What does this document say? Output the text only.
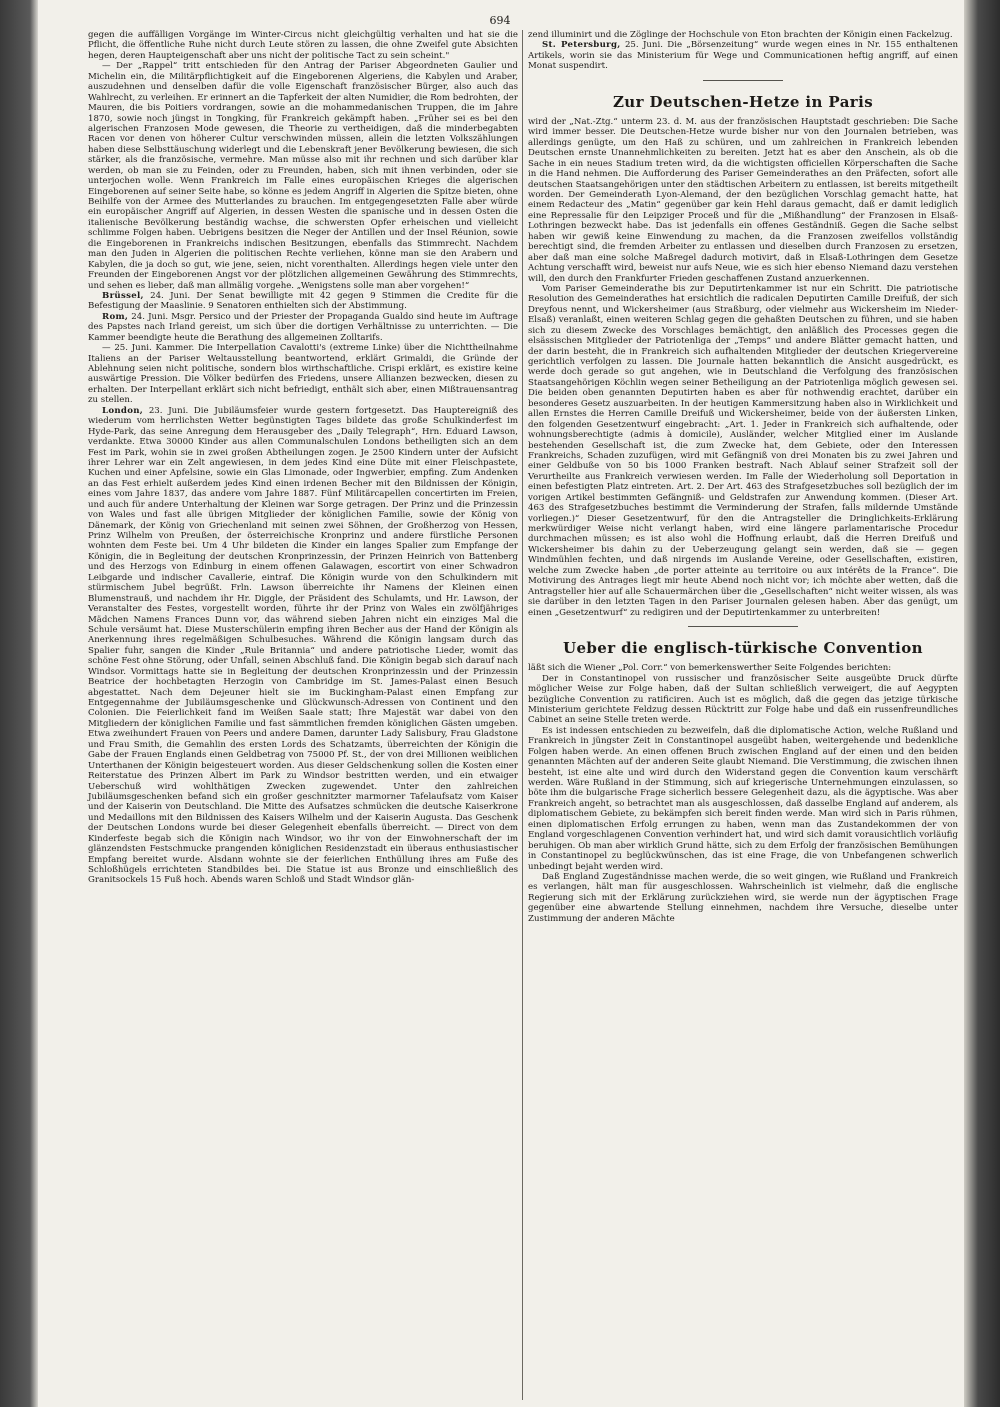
694

gegen die auffälligen Vorgänge im Winter-Circus nicht gleichgültig verhalten und hat sie die Pflicht, die öffentliche Ruhe nicht durch Leute stören zu lassen, die ohne Zweifel gute Absichten hegen, deren Haupteigenschaft aber uns nicht der politische Tact zu sein scheint."

— Der „Rappel“ tritt entschieden für den Antrag der Pariser Abgeordneten Gaulier und Michelin ein, die Militärpflichtigkeit auf die Eingeborenen Algeriens, die Kabylen und Araber, auszudehnen und denselben dafür die volle Eigenschaft französischer Bürger, also auch das Wahlrecht, zu verleihen. Er erinnert an die Tapferkeit der alten Numidier, die Rom bedrohten, der Mauren, die bis Poitiers vordrangen, sowie an die mohammedanischen Truppen, die im Jahre 1870, sowie noch jüngst in Tongking, für Frankreich gekämpft haben. „Früher sei es bei den algerischen Franzosen Mode gewesen, die Theorie zu vertheidigen, daß die minderbegabten Racen vor denen von höherer Cultur verschwinden müssen, allein die letzten Volkszählungen haben diese Selbsttäuschung widerlegt und die Lebenskraft jener Bevölkerung bewiesen, die sich stärker, als die französische, vermehre. Man müsse also mit ihr rechnen und sich darüber klar werden, ob man sie zu Feinden, oder zu Freunden, haben, sich mit ihnen verbinden, oder sie unterjochen wolle. Wenn Frankreich im Falle eines europäischen Krieges die algerischen Eingeborenen auf seiner Seite habe, so könne es jedem Angriff in Algerien die Spitze bieten, ohne Beihilfe von der Armee des Mutterlandes zu brauchen. Im entgegengesetzten Falle aber würde ein europäischer Angriff auf Algerien, in dessen Westen die spanische und in dessen Osten die italienische Bevölkerung beständig wachse, die schwersten Opfer erheischen und vielleicht schlimme Folgen haben. Uebrigens besitzen die Neger der Antillen und der Insel Réunion, sowie die Eingeborenen in Frankreichs indischen Besitzungen, ebenfalls das Stimmrecht. Nachdem man den Juden in Algerien die politischen Rechte verliehen, könne man sie den Arabern und Kabylen, die ja doch so gut, wie jene, seien, nicht vorenthalten. Allerdings hegen viele unter den Freunden der Eingeborenen Angst vor der plötzlichen allgemeinen Gewährung des Stimmrechts, und sehen es lieber, daß man allmälig vorgehe. „Wenigstens solle man aber vorgehen!“

Brüssel, 24. Juni. Der Senat bewilligte mit 42 gegen 9 Stimmen die Credite für die Befestigung der Maaslinie. 9 Senatoren enthielten sich der Abstimmung.

Rom, 24. Juni. Msgr. Persico und der Priester der Propaganda Gualdo sind heute im Auftrage des Papstes nach Irland gereist, um sich über die dortigen Verhältnisse zu unterrichten. — Die Kammer beendigte heute die Berathung des allgemeinen Zolltarifs.

— 25. Juni. Kammer. Die Interpellation Cavalotti's (extreme Linke) über die Nichttheilnahme Italiens an der Pariser Weltausstellung beantwortend, erklärt Grimaldi, die Gründe der Ablehnung seien nicht politische, sondern blos wirthschaftliche. Crispi erklärt, es existire keine auswärtige Pression. Die Völker bedürfen des Friedens, unsere Allianzen bezwecken, diesen zu erhalten. Der Interpellant erklärt sich nicht befriedigt, enthält sich aber, einen Mißtrauensantrag zu stellen.

London, 23. Juni. Die Jubiläumsfeier wurde gestern fortgesetzt. Das Hauptereigniß des wiederum vom herrlichsten Wetter begünstigten Tages bildete das große Schulkinderfest im Hyde-Park, das seine Anregung dem Herausgeber des „Daily Telegraph“, Hrn. Eduard Lawson, verdankte. Etwa 30000 Kinder aus allen Communalschulen Londons betheiligten sich an dem Fest im Park, wohin sie in zwei großen Abtheilungen zogen. Je 2500 Kindern unter der Aufsicht ihrer Lehrer war ein Zelt angewiesen, in dem jedes Kind eine Düte mit einer Fleischpastete, Kuchen und einer Apfelsine, sowie ein Glas Limonade, oder Ingwerbier, empfing. Zum Andenken an das Fest erhielt außerdem jedes Kind einen irdenen Becher mit den Bildnissen der Königin, eines vom Jahre 1837, das andere vom Jahre 1887. Fünf Militärcapellen concertirten im Freien, und auch für andere Unterhaltung der Kleinen war Sorge getragen. Der Prinz und die Prinzessin von Wales und fast alle übrigen Mitglieder der königlichen Familie, sowie der König von Dänemark, der König von Griechenland mit seinen zwei Söhnen, der Großherzog von Hessen, Prinz Wilhelm von Preußen, der österreichische Kronprinz und andere fürstliche Personen wohnten dem Feste bei. Um 4 Uhr bildeten die Kinder ein langes Spalier zum Empfange der Königin, die in Begleitung der deutschen Kronprinzessin, der Prinzen Heinrich von Battenberg und des Herzogs von Edinburg in einem offenen Galawagen, escortirt von einer Schwadron Leibgarde und indischer Cavallerie, eintraf. Die Königin wurde von den Schulkindern mit stürmischem Jubel begrüßt. Frln. Lawson überreichte ihr Namens der Kleinen einen Blumenstrauß, und nachdem ihr Hr. Diggle, der Präsident des Schulamts, und Hr. Lawson, der Veranstalter des Festes, vorgestellt worden, führte ihr der Prinz von Wales ein zwölfjähriges Mädchen Namens Frances Dunn vor, das während sieben Jahren nicht ein einziges Mal die Schule versäumt hat. Diese Musterschülerin empfing ihren Becher aus der Hand der Königin als Anerkennung ihres regelmäßigen Schulbesuches. Während die Königin langsam durch das Spalier fuhr, sangen die Kinder „Rule Britannia“ und andere patriotische Lieder, womit das schöne Fest ohne Störung, oder Unfall, seinen Abschluß fand. Die Königin begab sich darauf nach Windsor. Vormittags hatte sie in Begleitung der deutschen Kronprinzessin und der Prinzessin Beatrice der hochbetagten Herzogin von Cambridge im St. James-Palast einen Besuch abgestattet. Nach dem Dejeuner hielt sie im Buckingham-Palast einen Empfang zur Entgegennahme der Jubiläumsgeschenke und Glückwunsch-Adressen von Continent und den Colonien. Die Feierlichkeit fand im Weißen Saale statt; Ihre Majestät war dabei von den Mitgliedern der königlichen Familie und fast sämmtlichen fremden königlichen Gästen umgeben. Etwa zweihundert Frauen von Peers und andere Damen, darunter Lady Salisbury, Frau Gladstone und Frau Smith, die Gemahlin des ersten Lords des Schatzamts, überreichten der Königin die Gabe der Frauen Englands einen Geldbetrag von 75000 Pf. St., der von drei Millionen weiblichen Unterthanen der Königin beigesteuert worden. Aus dieser Geldschenkung sollen die Kosten einer Reiterstatue des Prinzen Albert im Park zu Windsor bestritten werden, und ein etwaiger Ueberschuß wird wohlthätigen Zwecken zugewendet. Unter den zahlreichen Jubiläumsgeschenken befand sich ein großer geschnitzter marmorner Tafelaufsatz vom Kaiser und der Kaiserin von Deutschland. Die Mitte des Aufsatzes schmücken die deutsche Kaiserkrone und Medaillons mit den Bildnissen des Kaisers Wilhelm und der Kaiserin Augusta. Das Geschenk der Deutschen Londons wurde bei dieser Gelegenheit ebenfalls überreicht. — Direct von dem Kinderfeste begab sich die Königin nach Windsor, wo ihr von der Einwohnerschaft der im glänzendsten Festschmucke prangenden königlichen Residenzstadt ein überaus enthusiastischer Empfang bereitet wurde. Alsdann wohnte sie der feierlichen Enthüllung ihres am Fuße des Schloßhügels errichteten Standbildes bei. Die Statue ist aus Bronze und einschließlich des Granitsockels 15 Fuß hoch. Abends waren Schloß und Stadt Windsor glän-

zend illuminirt und die Zöglinge der Hochschule von Eton brachten der Königin einen Fackelzug.

St. Petersburg, 25. Juni. Die „Börsenzeitung“ wurde wegen eines in Nr. 155 enthaltenen Artikels, worin sie das Ministerium für Wege und Communicationen heftig angriff, auf einen Monat suspendirt.

Zur Deutschen-Hetze in Paris

wird der „Nat.-Ztg.“ unterm 23. d. M. aus der französischen Hauptstadt geschrieben: Die Sache wird immer besser. Die Deutschen-Hetze wurde bisher nur von den Journalen betrieben, was allerdings genügte, um den Haß zu schüren, und um zahlreichen in Frankreich lebenden Deutschen ernste Unannehmlichkeiten zu bereiten. Jetzt hat es aber den Anschein, als ob die Sache in ein neues Stadium treten wird, da die wichtigsten officiellen Körperschaften die Sache in die Hand nehmen. Die Aufforderung des Pariser Gemeinderathes an den Präfecten, sofort alle deutschen Staatsangehörigen unter den städtischen Arbeitern zu entlassen, ist bereits mitgetheilt worden. Der Gemeinderath Lyon-Alemand, der den bezüglichen Vorschlag gemacht hatte, hat einem Redacteur des „Matin“ gegenüber gar kein Hehl daraus gemacht, daß er damit lediglich eine Repressalie für den Leipziger Proceß und für die „Mißhandlung“ der Franzosen in Elsaß-Lothringen bezweckt habe. Das ist jedenfalls ein offenes Geständniß. Gegen die Sache selbst haben wir gewiß keine Einwendung zu machen, da die Franzosen zweifellos vollständig berechtigt sind, die fremden Arbeiter zu entlassen und dieselben durch Franzosen zu ersetzen, aber daß man eine solche Maßregel dadurch motivirt, daß in Elsaß-Lothringen dem Gesetze Achtung verschafft wird, beweist nur aufs Neue, wie es sich hier ebenso Niemand dazu verstehen will, den durch den Frankfurter Frieden geschaffenen Zustand anzuerkennen.

Vom Pariser Gemeinderathe bis zur Deputirtenkammer ist nur ein Schritt. Die patriotische Resolution des Gemeinderathes hat ersichtlich die radicalen Deputirten Camille Dreifuß, der sich Dreyfous nennt, und Wickersheimer (aus Straßburg, oder vielmehr aus Wickersheim im Nieder-Elsaß) veranlaßt, einen weiteren Schlag gegen die gehaßten Deutschen zu führen, und sie haben sich zu diesem Zwecke des Vorschlages bemächtigt, den anläßlich des Processes gegen die elsässischen Mitglieder der Patriotenliga der „Temps“ und andere Blätter gemacht hatten, und der darin besteht, die in Frankreich sich aufhaltenden Mitglieder der deutschen Kriegervereine gerichtlich verfolgen zu lassen. Die Journale hatten bekanntlich die Ansicht ausgedrückt, es werde doch gerade so gut angehen, wie in Deutschland die Verfolgung des französischen Staatsangehörigen Köchlin wegen seiner Betheiligung an der Patriotenliga möglich gewesen sei. Die beiden oben genannten Deputirten haben es aber für nothwendig erachtet, darüber ein besonderes Gesetz auszuarbeiten. In der heutigen Kammersitzung haben also in Wirklichkeit und allen Ernstes die Herren Camille Dreifuß und Wickersheimer, beide von der äußersten Linken, den folgenden Gesetzentwurf eingebracht: „Art. 1. Jeder in Frankreich sich aufhaltende, oder wohnungsberechtigte (admis à domicile), Ausländer, welcher Mitglied einer im Auslande bestehenden Gesellschaft ist, die zum Zwecke hat, dem Gebiete, oder den Interessen Frankreichs, Schaden zuzufügen, wird mit Gefängniß von drei Monaten bis zu zwei Jahren und einer Geldbuße von 50 bis 1000 Franken bestraft. Nach Ablauf seiner Strafzeit soll der Verurtheilte aus Frankreich verwiesen werden. Im Falle der Wiederholung soll Deportation in einen befestigten Platz eintreten. Art. 2. Der Art. 463 des Strafgesetzbuches soll bezüglich der im vorigen Artikel bestimmten Gefängniß- und Geldstrafen zur Anwendung kommen. (Dieser Art. 463 des Strafgesetzbuches bestimmt die Verminderung der Strafen, falls mildernde Umstände vorliegen.)“ Dieser Gesetzentwurf, für den die Antragsteller die Dringlichkeits-Erklärung merkwürdiger Weise nicht verlangt haben, wird eine längere parlamentarische Procedur durchmachen müssen; es ist also wohl die Hoffnung erlaubt, daß die Herren Dreifuß und Wickersheimer bis dahin zu der Ueberzeugung gelangt sein werden, daß sie — gegen Windmühlen fechten, und daß nirgends im Auslande Vereine, oder Gesellschaften, existiren, welche zum Zwecke haben „de porter atteinte au territoire ou aux intérêts de la France“. Die Motivirung des Antrages liegt mir heute Abend noch nicht vor; ich möchte aber wetten, daß die Antragsteller hier auf alle Schauermärchen über die „Gesellschaften“ nicht weiter wissen, als was sie darüber in den letzten Tagen in den Pariser Journalen gelesen haben. Aber das genügt, um einen „Gesetzentwurf“ zu redigiren und der Deputirtenkammer zu unterbreiten!

Ueber die englisch-türkische Convention

läßt sich die Wiener „Pol. Corr.“ von bemerkenswerther Seite Folgendes berichten:

Der in Constantinopel von russischer und französischer Seite ausgeübte Druck dürfte möglicher Weise zur Folge haben, daß der Sultan schließlich verweigert, die auf Aegypten bezügliche Convention zu ratificiren. Auch ist es möglich, daß die gegen das jetzige türkische Ministerium gerichtete Feldzug dessen Rücktritt zur Folge habe und daß ein russenfreundliches Cabinet an seine Stelle treten werde.

Es ist indessen entschieden zu bezweifeln, daß die diplomatische Action, welche Rußland und Frankreich in jüngster Zeit in Constantinopel ausgeübt haben, weitergehende und bedenkliche Folgen haben werde. An einen offenen Bruch zwischen England auf der einen und den beiden genannten Mächten auf der anderen Seite glaubt Niemand. Die Verstimmung, die zwischen ihnen besteht, ist eine alte und wird durch den Widerstand gegen die Convention kaum verschärft werden. Wäre Rußland in der Stimmung, sich auf kriegerische Unternehmungen einzulassen, so böte ihm die bulgarische Frage sicherlich bessere Gelegenheit dazu, als die ägyptische. Was aber Frankreich angeht, so betrachtet man als ausgeschlossen, daß dasselbe England auf anderem, als diplomatischem Gebiete, zu bekämpfen sich bereit finden werde. Man wird sich in Paris rühmen, einen diplomatischen Erfolg errungen zu haben, wenn man das Zustandekommen der von England vorgeschlagenen Convention verhindert hat, und wird sich damit vorausichtlich vorläufig beruhigen. Ob man aber wirklich Grund hätte, sich zu dem Erfolg der französischen Bemühungen in Constantinopel zu beglückwünschen, das ist eine Frage, die von Unbefangenen schwerlich unbedingt bejaht werden wird.

Daß England Zugeständnisse machen werde, die so weit gingen, wie Rußland und Frankreich es verlangen, hält man für ausgeschlossen. Wahrscheinlich ist vielmehr, daß die englische Regierung sich mit der Erklärung zurückziehen wird, sie werde nun der ägyptischen Frage gegenüber eine abwartende Stellung einnehmen, nachdem ihre Versuche, dieselbe unter Zustimmung der anderen Mächte
